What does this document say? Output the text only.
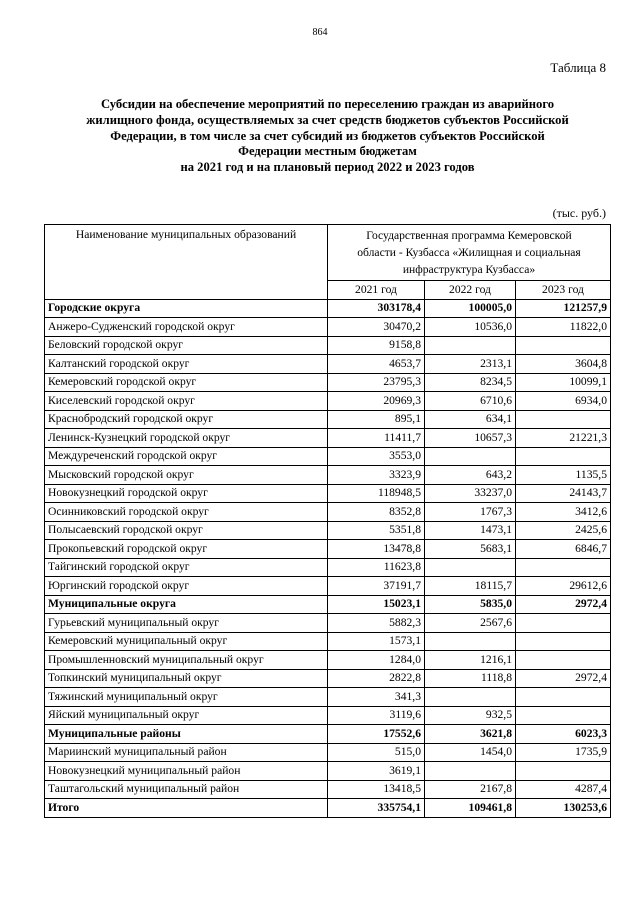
864
Таблица 8
Субсидии на обеспечение мероприятий по переселению граждан из аварийного
жилищного фонда, осуществляемых за счет средств бюджетов субъектов Российской
Федерации, в том числе за счет субсидий из бюджетов субъектов Российской
Федерации местным бюджетам
на 2021 год и на плановый период 2022 и 2023 годов
(тыс. руб.)
Наименование муниципальных образований	Государственная программа Кемеровской
области - Кузбасса «Жилищная и социальная
инфраструктура Кузбасса»		

	2021 год	2022 год	2023 год
Городские округа	303178,4	100005,0	121257,9
Анжеро-Судженский городской округ	30470,2	10536,0	11822,0
Беловский городской округ	9158,8		
Калтанский городской округ	4653,7	2313,1	3604,8
Кемеровский городской округ	23795,3	8234,5	10099,1
Киселевский городской округ	20969,3	6710,6	6934,0
Краснобродский городской округ	895,1	634,1	
Ленинск-Кузнецкий городской округ	11411,7	10657,3	21221,3
Междуреченский городской округ	3553,0		
Мысковский городской округ	3323,9	643,2	1135,5
Новокузнецкий городской округ	118948,5	33237,0	24143,7
Осинниковский городской округ	8352,8	1767,3	3412,6
Полысаевский городской округ	5351,8	1473,1	2425,6
Прокопьевский городской округ	13478,8	5683,1	6846,7
Тайгинский городской округ	11623,8		
Юргинский городской округ	37191,7	18115,7	29612,6
Муниципальные округа	15023,1	5835,0	2972,4
Гурьевский муниципальный округ	5882,3	2567,6	
Кемеровский муниципальный округ	1573,1		
Промышленновский муниципальный округ	1284,0	1216,1	
Топкинский муниципальный округ	2822,8	1118,8	2972,4
Тяжинский муниципальный округ	341,3		
Яйский муниципальный округ	3119,6	932,5	
Муниципальные районы	17552,6	3621,8	6023,3
Мариинский муниципальный район	515,0	1454,0	1735,9
Новокузнецкий муниципальный район	3619,1		
Таштагольский муниципальный район	13418,5	2167,8	4287,4
Итого	335754,1	109461,8	130253,6
